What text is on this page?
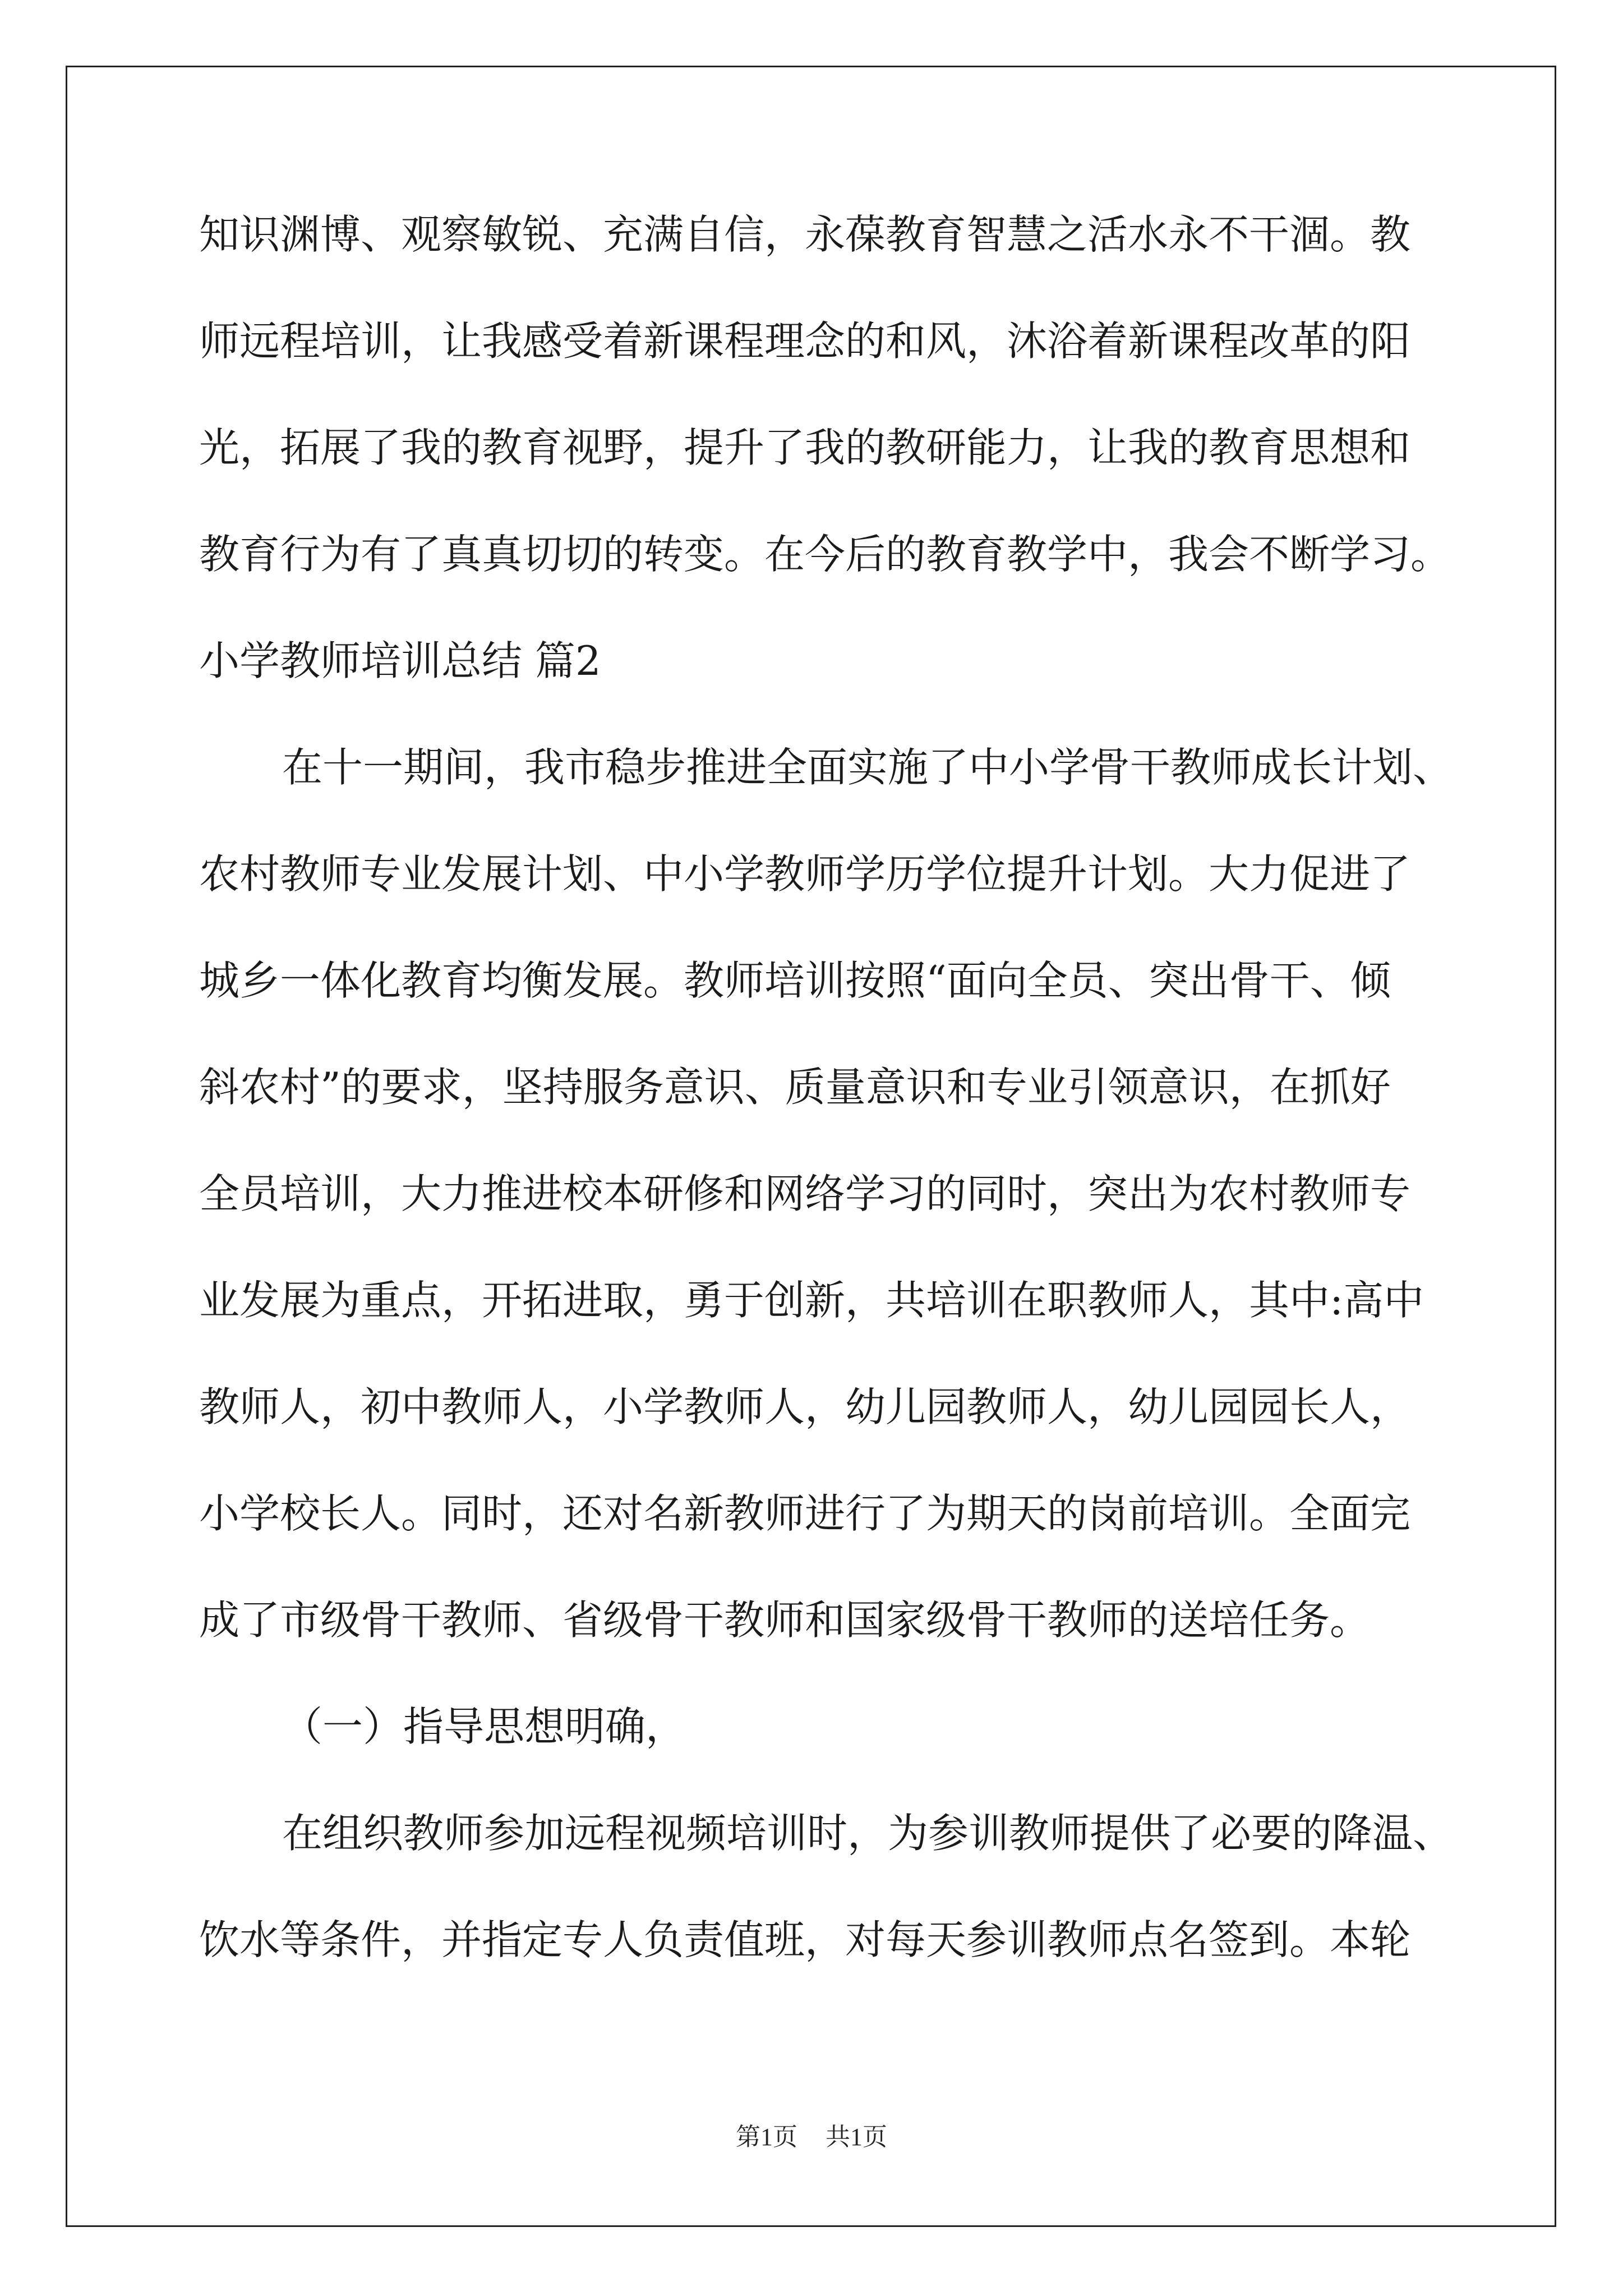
知识渊博、观察敏锐、充满自信，永葆教育智慧之活水永不干涸。教
师远程培训，让我感受着新课程理念的和风，沐浴着新课程改革的阳
光，拓展了我的教育视野，提升了我的教研能力，让我的教育思想和
教育行为有了真真切切的转变。在今后的教育教学中，我会不断学习。
小学教师培训总结 篇2
在十一期间，我市稳步推进全面实施了中小学骨干教师成长计划、
农村教师专业发展计划、中小学教师学历学位提升计划。大力促进了
城乡一体化教育均衡发展。教师培训按照“面向全员、突出骨干、倾
斜农村”的要求，坚持服务意识、质量意识和专业引领意识，在抓好
全员培训，大力推进校本研修和网络学习的同时，突出为农村教师专
业发展为重点，开拓进取，勇于创新，共培训在职教师人，其中:高中
教师人，初中教师人，小学教师人，幼儿园教师人，幼儿园园长人，
小学校长人。同时，还对名新教师进行了为期天的岗前培训。全面完
成了市级骨干教师、省级骨干教师和国家级骨干教师的送培任务。
（一）指导思想明确，
在组织教师参加远程视频培训时，为参训教师提供了必要的降温、
饮水等条件，并指定专人负责值班，对每天参训教师点名签到。本轮
第1页 共1页
